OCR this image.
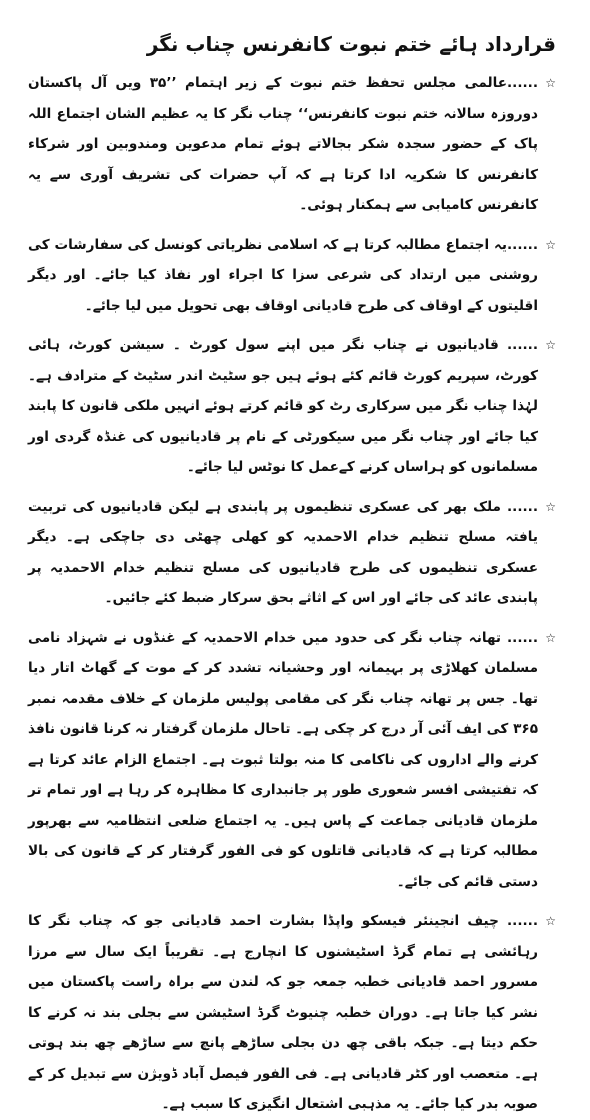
قرارداد ہائے ختم نبوت کانفرنس چناب نگر
☆
......عالمی مجلس تحفظ ختم نبوت کے زیر اہتمام ’’۳۵ ویں آل پاکستان دوروزہ سالانہ ختم نبوت کانفرنس‘‘ چناب نگر کا یہ عظیم الشان اجتماع اللہ پاک کے حضور سجدہ شکر بجالاتے ہوئے تمام مدعوین ومندوبین اور شرکاء کانفرنس کا شکریہ ادا کرتا ہے کہ آپ حضرات کی تشریف آوری سے یہ کانفرنس کامیابی سے ہمکنار ہوئی۔
☆
......یہ اجتماع مطالبہ کرتا ہے کہ اسلامی نظریاتی کونسل کی سفارشات کی روشنی میں ارتداد کی شرعی سزا کا اجراء اور نفاذ کیا جائے۔ اور دیگر اقلیتوں کے اوقاف کی طرح قادیانی اوقاف بھی تحویل میں لیا جائے۔
☆
...... قادیانیوں نے چناب نگر میں اپنے سول کورٹ ۔ سیشن کورٹ، ہائی کورٹ، سپریم کورٹ قائم کئے ہوئے ہیں جو سٹیٹ اندر سٹیٹ کے مترادف ہے۔ لہٰذا چناب نگر میں سرکاری رٹ کو قائم کرتے ہوئے انہیں ملکی قانون کا پابند کیا جائے اور چناب نگر میں سیکورٹی کے نام پر قادیانیوں کی غنڈہ گردی اور مسلمانوں کو ہراساں کرنے کےعمل کا نوٹس لیا جائے۔
☆
...... ملک بھر کی عسکری تنظیموں پر پابندی ہے لیکن قادیانیوں کی تربیت یافتہ مسلح تنظیم خدام الاحمدیہ کو کھلی چھٹی دی جاچکی ہے۔ دیگر عسکری تنظیموں کی طرح قادیانیوں کی مسلح تنظیم خدام الاحمدیہ پر پابندی عائد کی جائے اور اس کے اثاثے بحق سرکار ضبط کئے جائیں۔
☆
...... تھانہ چناب نگر کی حدود میں خدام الاحمدیہ کے غنڈوں نے شہزاد نامی مسلمان کھلاڑی پر بہیمانہ اور وحشیانہ تشدد کر کے موت کے گھاٹ اتار دیا تھا۔ جس پر تھانہ چناب نگر کی مقامی پولیس ملزمان کے خلاف مقدمہ نمبر ۳۶۵ کی ایف آئی آر درج کر چکی ہے۔ تاحال ملزمان گرفتار نہ کرنا قانون نافذ کرنے والے اداروں کی ناکامی کا منہ بولتا ثبوت ہے۔ اجتماع الزام عائد کرتا ہے کہ تفتیشی افسر شعوری طور پر جانبداری کا مظاہرہ کر رہا ہے اور تمام تر ملزمان قادیانی جماعت کے پاس ہیں۔ یہ اجتماع ضلعی انتظامیہ سے بھرپور مطالبہ کرتا ہے کہ قادیانی قاتلوں کو فی الفور گرفتار کر کے قانون کی بالا دستی قائم کی جائے۔
☆
...... چیف انجینئر فیسکو واپڈا بشارت احمد قادیانی جو کہ چناب نگر کا رہائشی ہے تمام گرڈ اسٹیشنوں کا انچارج ہے۔ تقریباً ایک سال سے مرزا مسرور احمد قادیانی خطبہ جمعہ جو کہ لندن سے براہ راست پاکستان میں نشر کیا جاتا ہے۔ دوران خطبہ چنیوٹ گرڈ اسٹیشن سے بجلی بند نہ کرنے کا حکم دیتا ہے۔ جبکہ باقی چھ دن بجلی ساڑھے پانچ سے ساڑھے چھ بند ہوتی ہے۔ متعصب اور کٹر قادیانی ہے۔ فی الفور فیصل آباد ڈویژن سے تبدیل کر کے صوبہ بدر کیا جائے۔ یہ مذہبی اشتعال انگیزی کا سبب ہے۔
